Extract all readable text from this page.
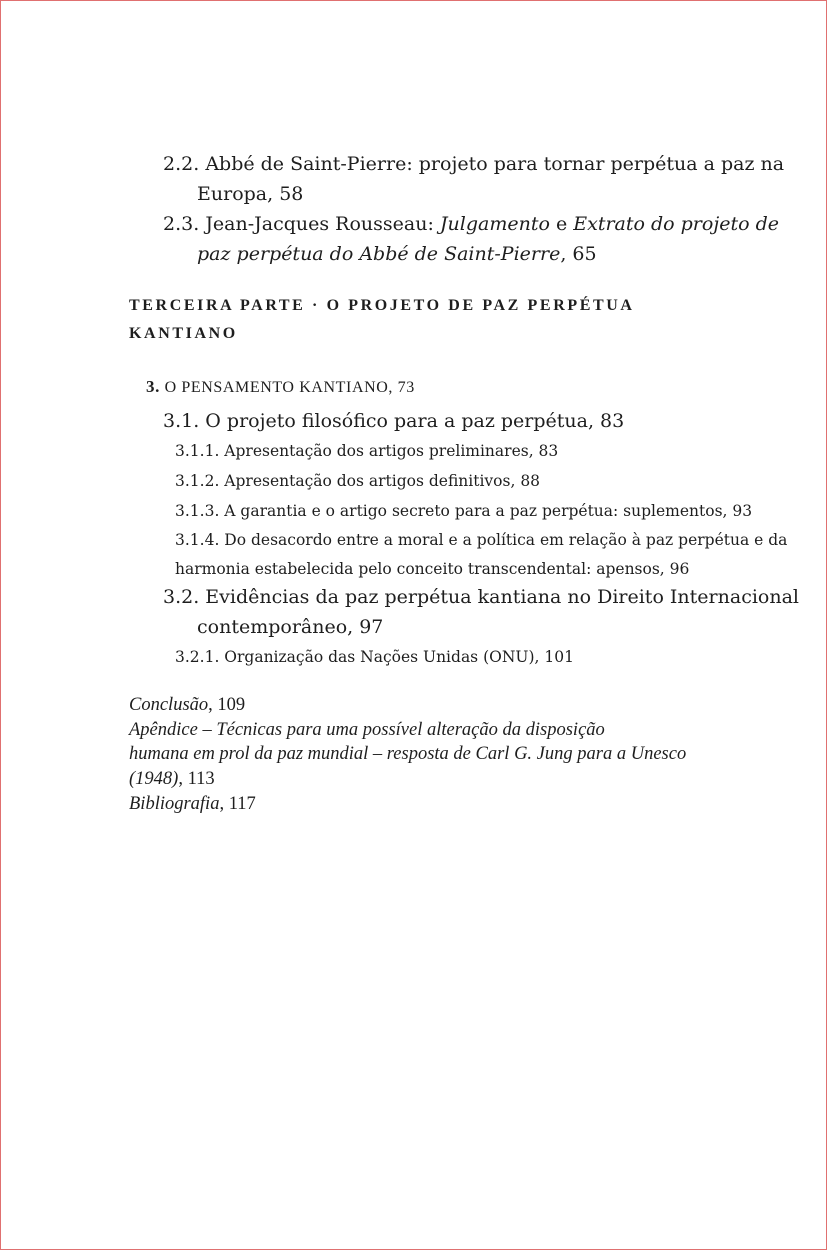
2.2. Abbé de Saint-Pierre: projeto para tornar perpétua a paz na

Europa, 58

2.3. Jean-Jacques Rousseau: Julgamento e Extrato do projeto de

paz perpétua do Abbé de Saint-Pierre, 65

TERCEIRA PARTE · O PROJETO DE PAZ PERPÉTUA

KANTIANO

3. O PENSAMENTO KANTIANO, 73

3.1. O projeto filosófico para a paz perpétua, 83

3.1.1. Apresentação dos artigos preliminares, 83

3.1.2. Apresentação dos artigos definitivos, 88

3.1.3. A garantia e o artigo secreto para a paz perpétua: suplementos, 93

3.1.4. Do desacordo entre a moral e a política em relação à paz perpétua e da

harmonia estabelecida pelo conceito transcendental: apensos, 96

3.2. Evidências da paz perpétua kantiana no Direito Internacional

contemporâneo, 97

3.2.1. Organização das Nações Unidas (ONU), 101

Conclusão, 109

Apêndice – Técnicas para uma possível alteração da disposição

humana em prol da paz mundial – resposta de Carl G. Jung para a Unesco

(1948), 113

Bibliografia, 117
